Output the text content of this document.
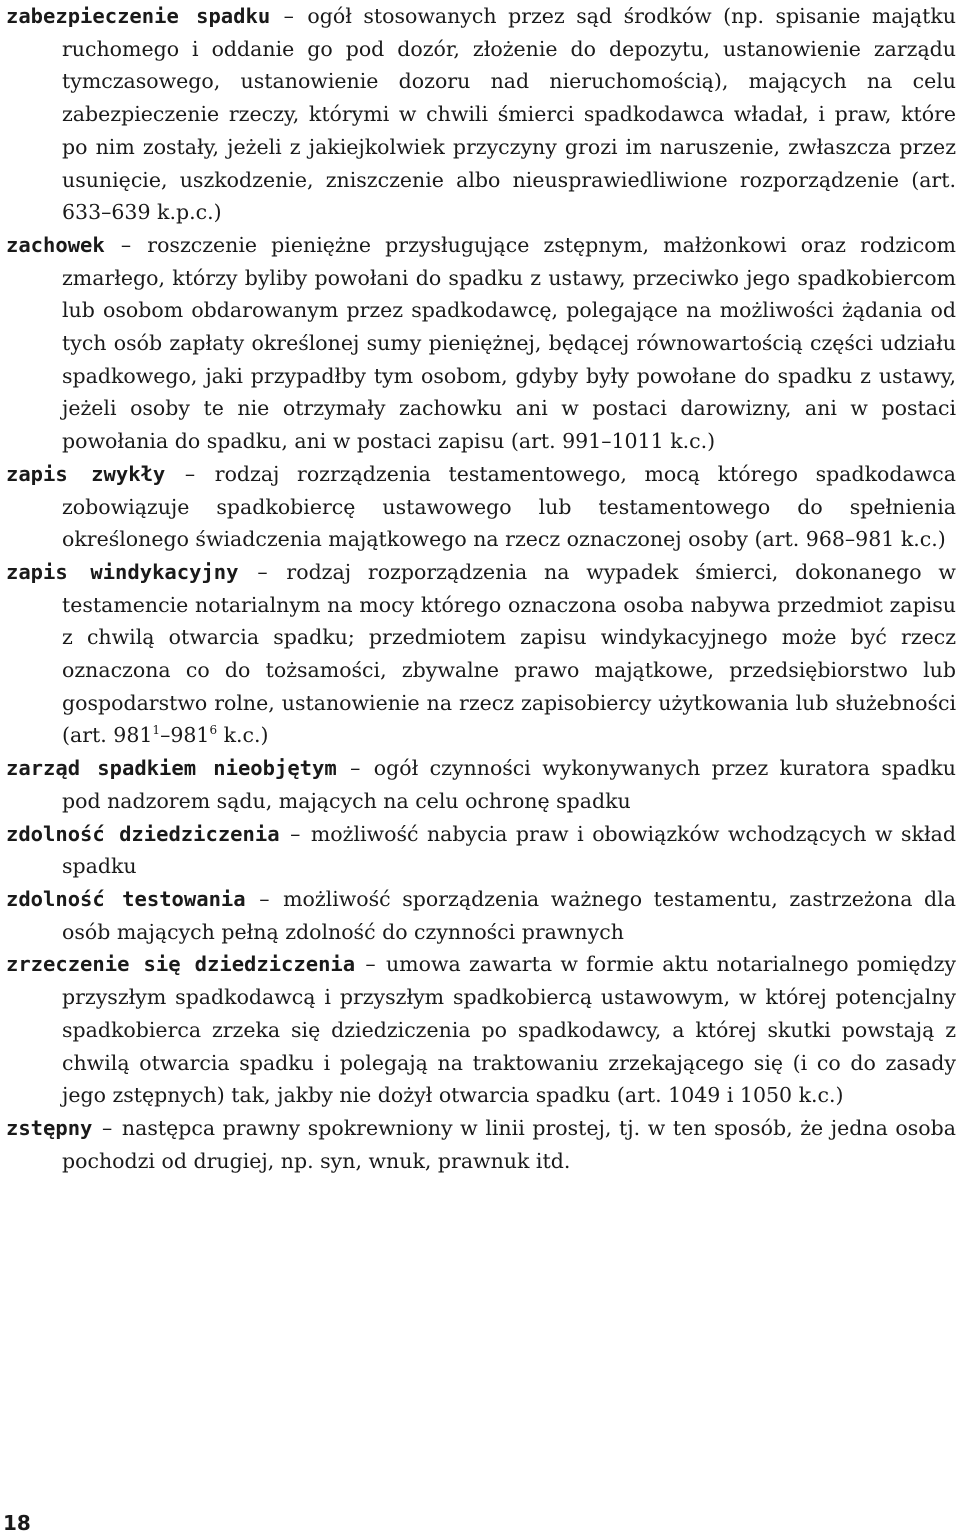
zabezpieczenie spadku – ogół stosowanych przez sąd środków (np. spisanie majątku ruchomego i oddanie go pod dozór, złożenie do depozytu, ustanowienie zarządu tymczasowego, ustanowienie dozoru nad nieruchomością), mających na celu zabezpieczenie rzeczy, którymi w chwili śmierci spadkodawca władał, i praw, które po nim zostały, jeżeli z jakiejkolwiek przyczyny grozi im naruszenie, zwłaszcza przez usunięcie, uszkodzenie, zniszczenie albo nieusprawiedliwione rozporządzenie (art. 633–639 k.p.c.)

zachowek – roszczenie pieniężne przysługujące zstępnym, małżonkowi oraz rodzicom zmarłego, którzy byliby powołani do spadku z ustawy, przeciwko jego spadkobiercom lub osobom obdarowanym przez spadkodawcę, polegające na możliwości żądania od tych osób zapłaty określonej sumy pieniężnej, będącej równowartością części udziału spadkowego, jaki przypadłby tym osobom, gdyby były powołane do spadku z ustawy, jeżeli osoby te nie otrzymały zachowku ani w postaci darowizny, ani w postaci powołania do spadku, ani w postaci zapisu (art. 991–1011 k.c.)

zapis zwykły – rodzaj rozrządzenia testamentowego, mocą którego spadkodawca zobowiązuje spadkobiercę ustawowego lub testamentowego do spełnienia określonego świadczenia majątkowego na rzecz oznaczonej osoby (art. 968–981 k.c.)

zapis windykacyjny – rodzaj rozporządzenia na wypadek śmierci, dokonanego w testamencie notarialnym na mocy którego oznaczona osoba nabywa przedmiot zapisu z chwilą otwarcia spadku; przedmiotem zapisu windykacyjnego może być rzecz oznaczona co do tożsamości, zbywalne prawo majątkowe, przedsiębiorstwo lub gospodarstwo rolne, ustanowienie na rzecz zapisobiercy użytkowania lub służebności (art. $981^1-981^6$ k.c.)

zarząd spadkiem nieobjętym – ogół czynności wykonywanych przez kuratora spadku pod nadzorem sądu, mających na celu ochronę spadku

zdolność dziedziczenia – możliwość nabycia praw i obowiązków wchodzących w skład spadku

zdolność testowania – możliwość sporządzenia ważnego testamentu, zastrzeżona dla osób mających pełną zdolność do czynności prawnych

zrzeczenie się dziedziczenia – umowa zawarta w formie aktu notarialnego pomiędzy przyszłym spadkodawcą i przyszłym spadkobiercą ustawowym, w której potencjalny spadkobierca zrzeka się dziedziczenia po spadkodawcy, a której skutki powstają z chwilą otwarcia spadku i polegają na traktowaniu zrzekającego się (i co do zasady jego zstępnych) tak, jakby nie dożył otwarcia spadku (art. 1049 i 1050 k.c.)

zstępny – następca prawny spokrewniony w linii prostej, tj. w ten sposób, że jedna osoba pochodzi od drugiej, np. syn, wnuk, prawnuk itd.

18
